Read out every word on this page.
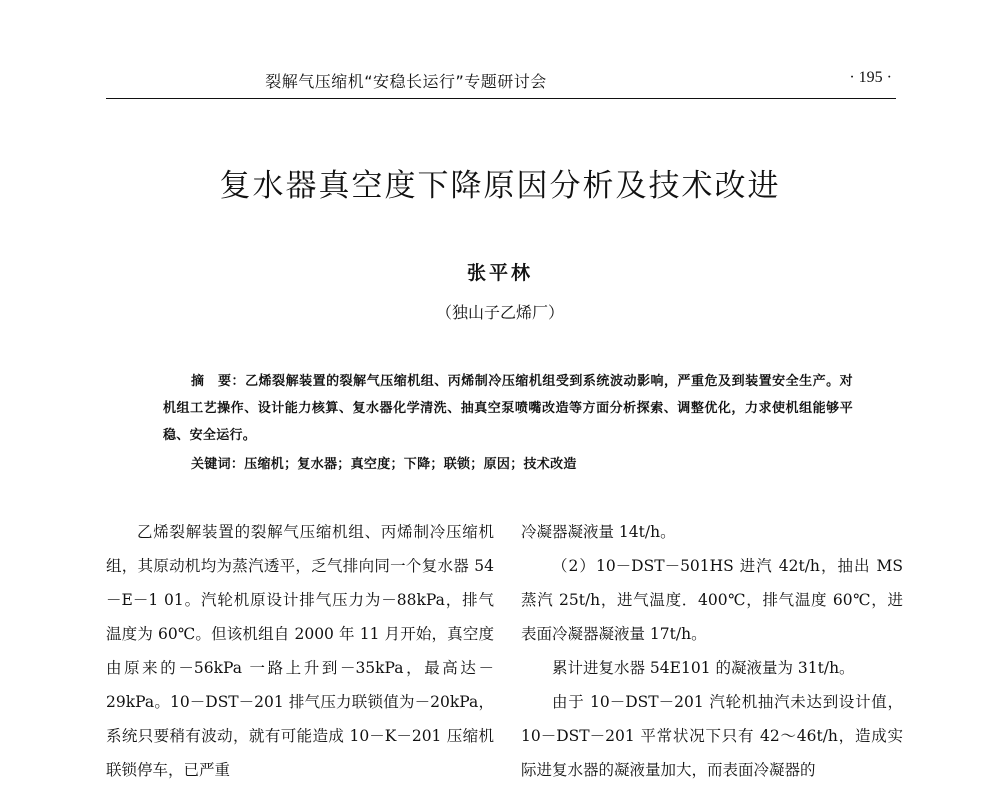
裂解气压缩机“安稳长运行”专题研讨会	· 195 ·
复水器真空度下降原因分析及技术改进
张平林
（独山子乙烯厂）
摘　要：乙烯裂解装置的裂解气压缩机组、丙烯制冷压缩机组受到系统波动影响，严重危及到装置安全生产。对机组工艺操作、设计能力核算、复水器化学清洗、抽真空泵喷嘴改造等方面分析探索、调整优化，力求使机组能够平稳、安全运行。
关键词：压缩机；复水器；真空度；下降；联锁；原因；技术改造

乙烯裂解装置的裂解气压缩机组、丙烯制冷压缩机组，其原动机均为蒸汽透平，乏气排向同一个复水器 54－E－1 01。汽轮机原设计排气压力为－88kPa，排气温度为 60℃。但该机组自 2000 年 11 月开始，真空度由原来的－56kPa 一路上升到－35kPa，最高达－29kPa。10－DST－201 排气压力联锁值为－20kPa，系统只要稍有波动，就有可能造成 10－K－201 压缩机联锁停车，已严重

冷凝器凝液量 14t/h。

（2）10－DST－501HS 进汽 42t/h，抽出 MS 蒸汽 25t/h，进气温度．400℃，排气温度 60℃，进表面冷凝器凝液量 17t/h。

累计进复水器 54E101 的凝液量为 31t/h。

由于 10－DST－201 汽轮机抽汽未达到设计值，10－DST－201 平常状况下只有 42～46t/h，造成实际进复水器的凝液量加大，而表面冷凝器的
